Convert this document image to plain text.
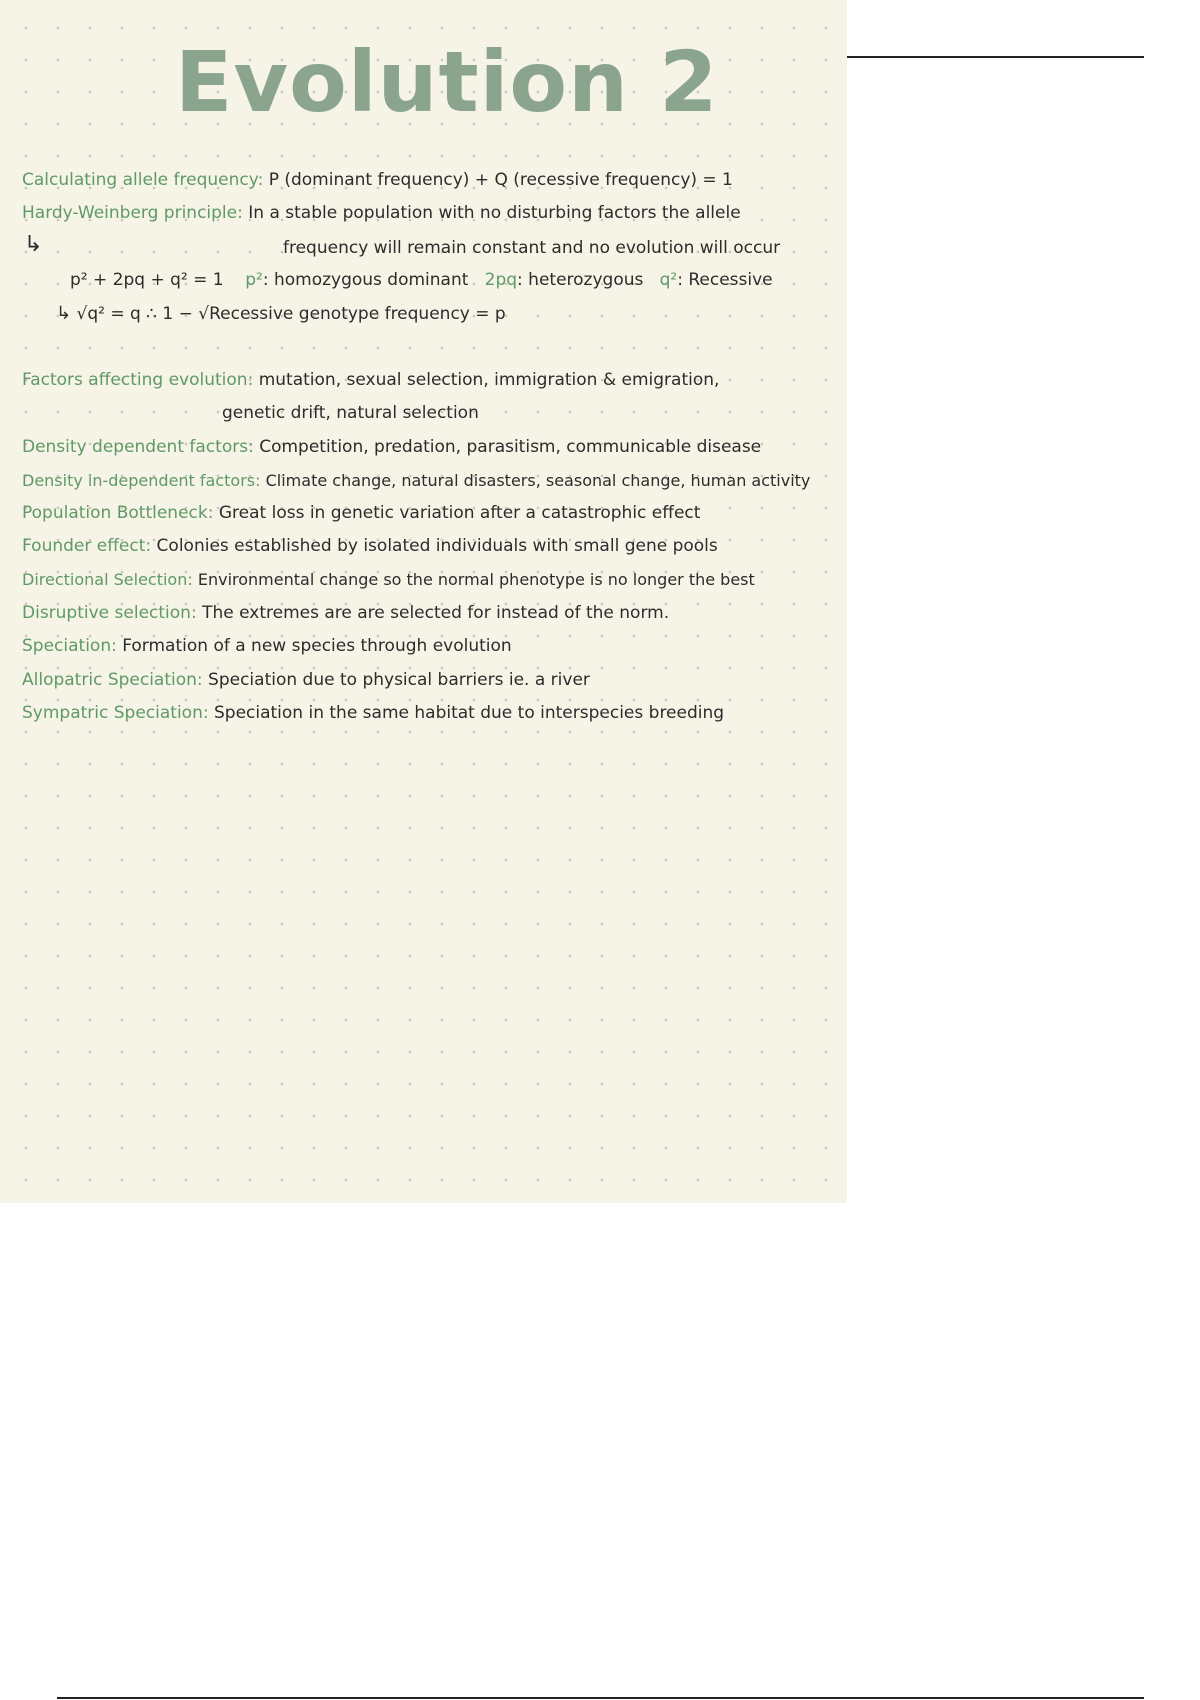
Evolution 2

Calculating allele frequency: P (dominant frequency) + Q (recessive frequency) = 1

Hardy-Weinberg principle: In a stable population with no disturbing factors the allele

frequency will remain constant and no evolution will occur

↳

p² + 2pq + q² = 1 p²: homozygous dominant 2pq: heterozygous q²: Recessive

↳ √q² = q ∴ 1 − √Recessive genotype frequency = p

Factors affecting evolution: mutation, sexual selection, immigration & emigration,

genetic drift, natural selection

Density dependent factors: Competition, predation, parasitism, communicable disease

Density in-dependent factors: Climate change, natural disasters, seasonal change, human activity

Population Bottleneck: Great loss in genetic variation after a catastrophic effect

Founder effect: Colonies established by isolated individuals with small gene pools

Directional Selection: Environmental change so the normal phenotype is no longer the best

Disruptive selection: The extremes are are selected for instead of the norm.

Speciation: Formation of a new species through evolution

Allopatric Speciation: Speciation due to physical barriers ie. a river

Sympatric Speciation: Speciation in the same habitat due to interspecies breeding
